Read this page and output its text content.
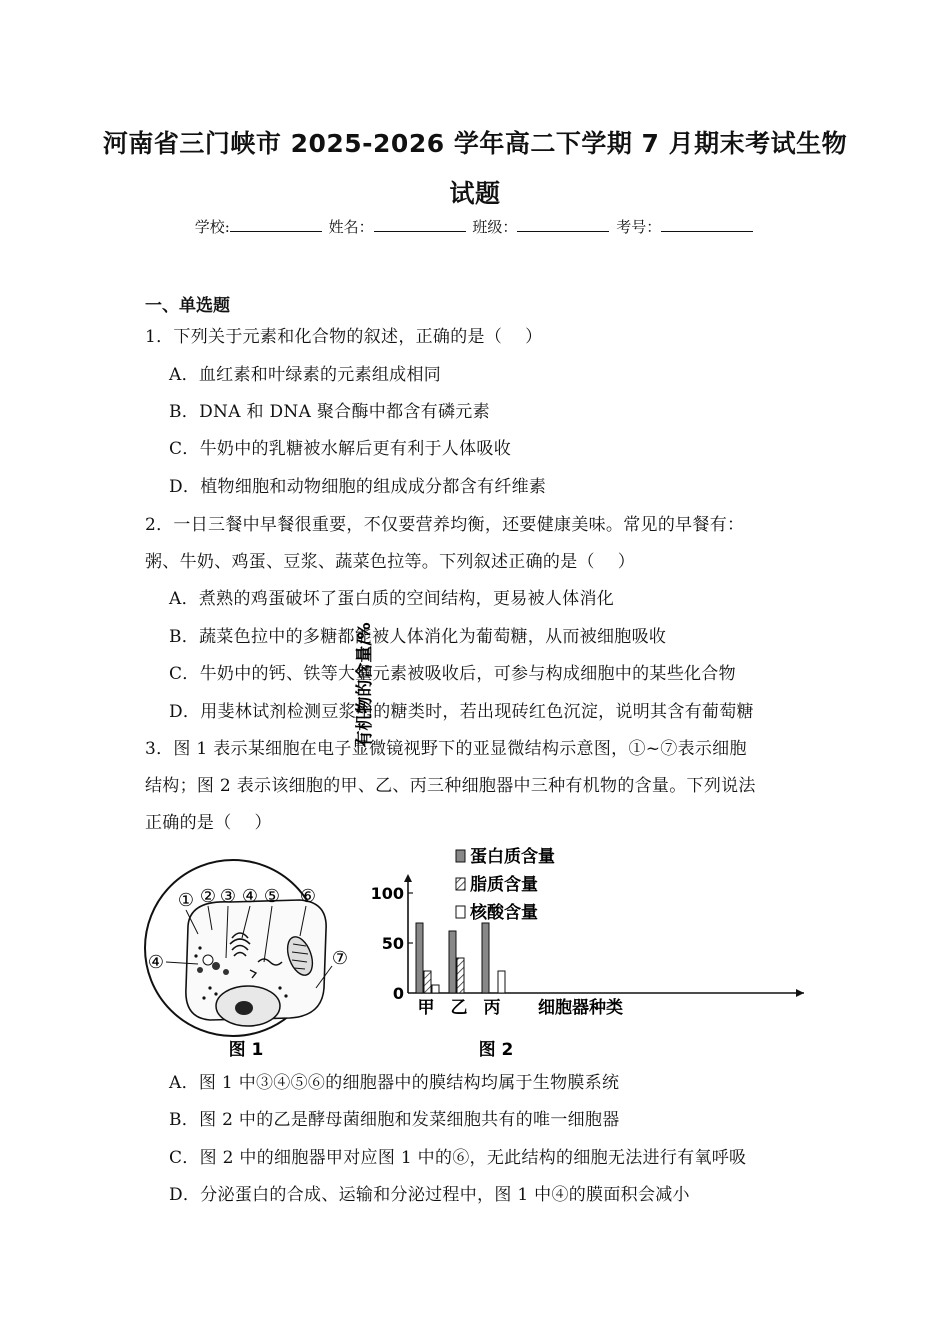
河南省三门峡市 2025-2026 学年高二下学期 7 月期末考试生物
试题
学校:	姓名：	班级：	考号：
一、单选题
1．下列关于元素和化合物的叙述，正确的是（　 ）
A．血红素和叶绿素的元素组成相同
B．DNA 和 DNA 聚合酶中都含有磷元素
C．牛奶中的乳糖被水解后更有利于人体吸收
D．植物细胞和动物细胞的组成成分都含有纤维素
2．一日三餐中早餐很重要，不仅要营养均衡，还要健康美味。常见的早餐有：
粥、牛奶、鸡蛋、豆浆、蔬菜色拉等。下列叙述正确的是（　 ）
A．煮熟的鸡蛋破坏了蛋白质的空间结构，更易被人体消化
B．蔬菜色拉中的多糖都能被人体消化为葡萄糖，从而被细胞吸收
C．牛奶中的钙、铁等大量元素被吸收后，可参与构成细胞中的某些化合物
D．用斐林试剂检测豆浆中的糖类时，若出现砖红色沉淀，说明其含有葡萄糖
3．图 1 表示某细胞在电子显微镜视野下的亚显微结构示意图，①~⑦表示细胞
结构；图 2 表示该细胞的甲、乙、丙三种细胞器中三种有机物的含量。下列说法
正确的是（　 ）
① ② ③ ④ ⑤ ⑥
④	⑦
图 1
有机物的含量/%
0
50
100
甲 乙 丙 细胞器种类
蛋白质含量
脂质含量
核酸含量
图 2
A．图 1 中③④⑤⑥的细胞器中的膜结构均属于生物膜系统
B．图 2 中的乙是酵母菌细胞和发菜细胞共有的唯一细胞器
C．图 2 中的细胞器甲对应图 1 中的⑥，无此结构的细胞无法进行有氧呼吸
D．分泌蛋白的合成、运输和分泌过程中，图 1 中④的膜面积会减小
